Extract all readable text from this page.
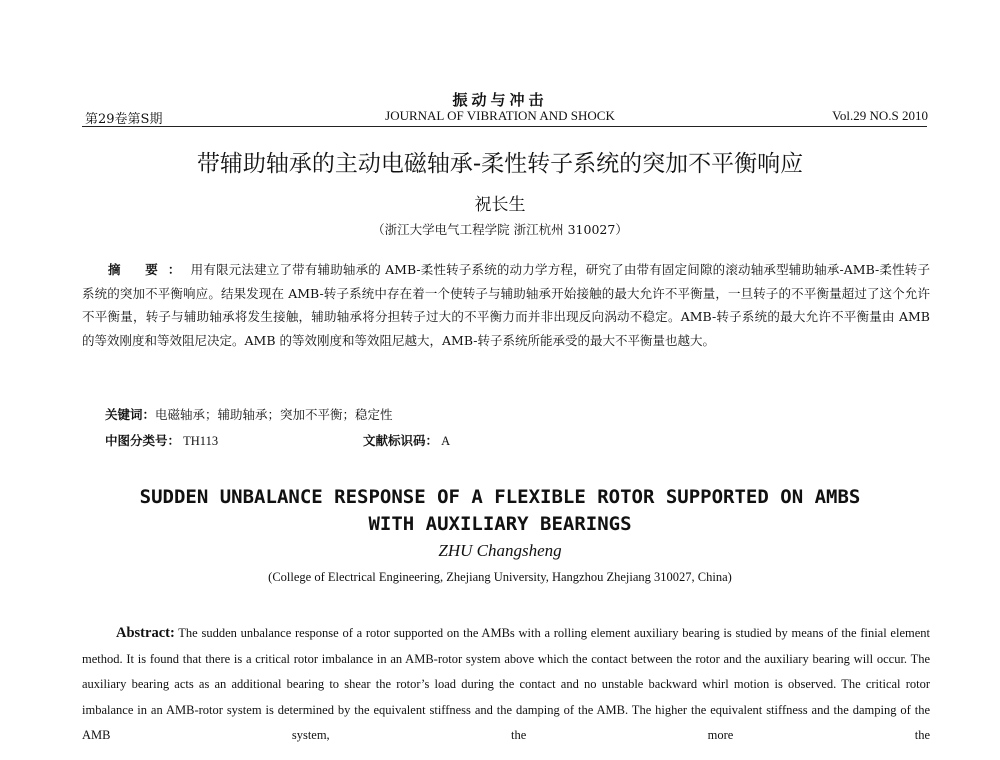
振动与冲击
第29卷第S期	JOURNAL OF VIBRATION AND SHOCK	Vol.29 NO.S 2010
带辅助轴承的主动电磁轴承-柔性转子系统的突加不平衡响应
祝长生
（浙江大学电气工程学院 浙江杭州 310027）
摘 要：用有限元法建立了带有辅助轴承的 AMB-柔性转子系统的动力学方程，研究了由带有固定间隙的滚动轴承型辅助轴承-AMB-柔性转子系统的突加不平衡响应。结果发现在 AMB-转子系统中存在着一个使转子与辅助轴承开始接触的最大允许不平衡量，一旦转子的不平衡量超过了这个允许不平衡量，转子与辅助轴承将发生接触，辅助轴承将分担转子过大的不平衡力而并非出现反向涡动不稳定。AMB-转子系统的最大允许不平衡量由 AMB 的等效刚度和等效阻尼决定。AMB 的等效刚度和等效阻尼越大，AMB-转子系统所能承受的最大不平衡量也越大。
关键词：电磁轴承；辅助轴承；突加不平衡；稳定性
中图分类号： TH113	文献标识码： A
SUDDEN UNBALANCE RESPONSE OF A FLEXIBLE ROTOR SUPPORTED ON AMBS
WITH AUXILIARY BEARINGS
ZHU Changsheng
(College of Electrical Engineering, Zhejiang University, Hangzhou Zhejiang 310027, China)
Abstract: The sudden unbalance response of a rotor supported on the AMBs with a rolling element auxiliary bearing is studied by means of the finial element method. It is found that there is a critical rotor imbalance in an AMB-rotor system above which the contact between the rotor and the auxiliary bearing will occur. The auxiliary bearing acts as an additional bearing to shear the rotor’s load during the contact and no unstable backward whirl motion is observed. The critical rotor imbalance in an AMB-rotor system is determined by the equivalent stiffness and the damping of the AMB. The higher the equivalent stiffness and the damping of the AMB system, the more the
